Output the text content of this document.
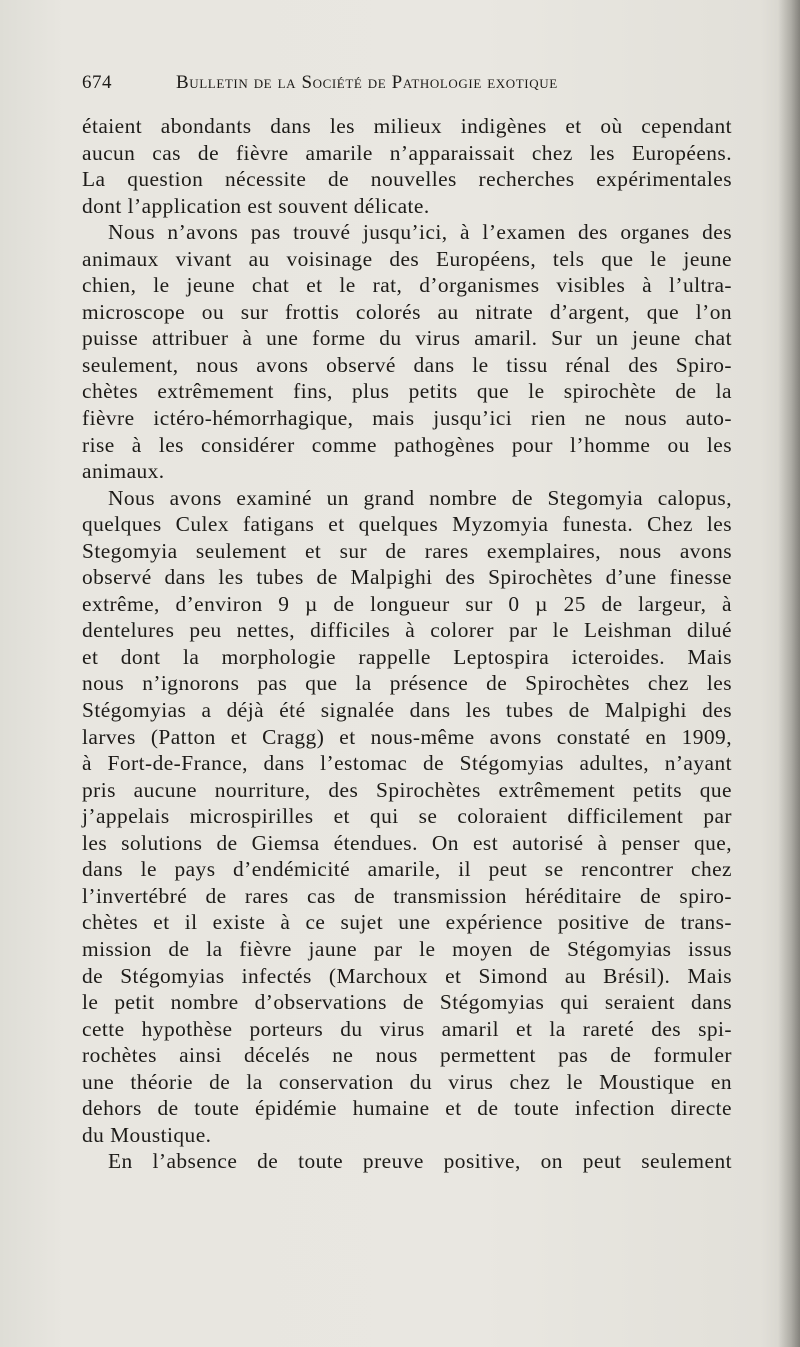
674	Bulletin de la Société de Pathologie exotique
étaient abondants dans les milieux indigènes et où cependant
aucun cas de fièvre amarile n’apparaissait chez les Européens.
La question nécessite de nouvelles recherches expérimentales
dont l’application est souvent délicate.
Nous n’avons pas trouvé jusqu’ici, à l’examen des organes des
animaux vivant au voisinage des Européens, tels que le jeune
chien, le jeune chat et le rat, d’organismes visibles à l’ultra-
microscope ou sur frottis colorés au nitrate d’argent, que l’on
puisse attribuer à une forme du virus amaril. Sur un jeune chat
seulement, nous avons observé dans le tissu rénal des Spiro-
chètes extrêmement fins, plus petits que le spirochète de la
fièvre ictéro-hémorrhagique, mais jusqu’ici rien ne nous auto-
rise à les considérer comme pathogènes pour l’homme ou les
animaux.
Nous avons examiné un grand nombre de Stegomyia calopus,
quelques Culex fatigans et quelques Myzomyia funesta. Chez les
Stegomyia seulement et sur de rares exemplaires, nous avons
observé dans les tubes de Malpighi des Spirochètes d’une finesse
extrême, d’environ 9 µ de longueur sur 0 µ 25 de largeur, à
dentelures peu nettes, difficiles à colorer par le Leishman dilué
et dont la morphologie rappelle Leptospira icteroides. Mais
nous n’ignorons pas que la présence de Spirochètes chez les
Stégomyias a déjà été signalée dans les tubes de Malpighi des
larves (Patton et Cragg) et nous-même avons constaté en 1909,
à Fort-de-France, dans l’estomac de Stégomyias adultes, n’ayant
pris aucune nourriture, des Spirochètes extrêmement petits que
j’appelais microspirilles et qui se coloraient difficilement par
les solutions de Giemsa étendues. On est autorisé à penser que,
dans le pays d’endémicité amarile, il peut se rencontrer chez
l’invertébré de rares cas de transmission héréditaire de spiro-
chètes et il existe à ce sujet une expérience positive de trans-
mission de la fièvre jaune par le moyen de Stégomyias issus
de Stégomyias infectés (Marchoux et Simond au Brésil). Mais
le petit nombre d’observations de Stégomyias qui seraient dans
cette hypothèse porteurs du virus amaril et la rareté des spi-
rochètes ainsi décelés ne nous permettent pas de formuler
une théorie de la conservation du virus chez le Moustique en
dehors de toute épidémie humaine et de toute infection directe
du Moustique.
En l’absence de toute preuve positive, on peut seulement
